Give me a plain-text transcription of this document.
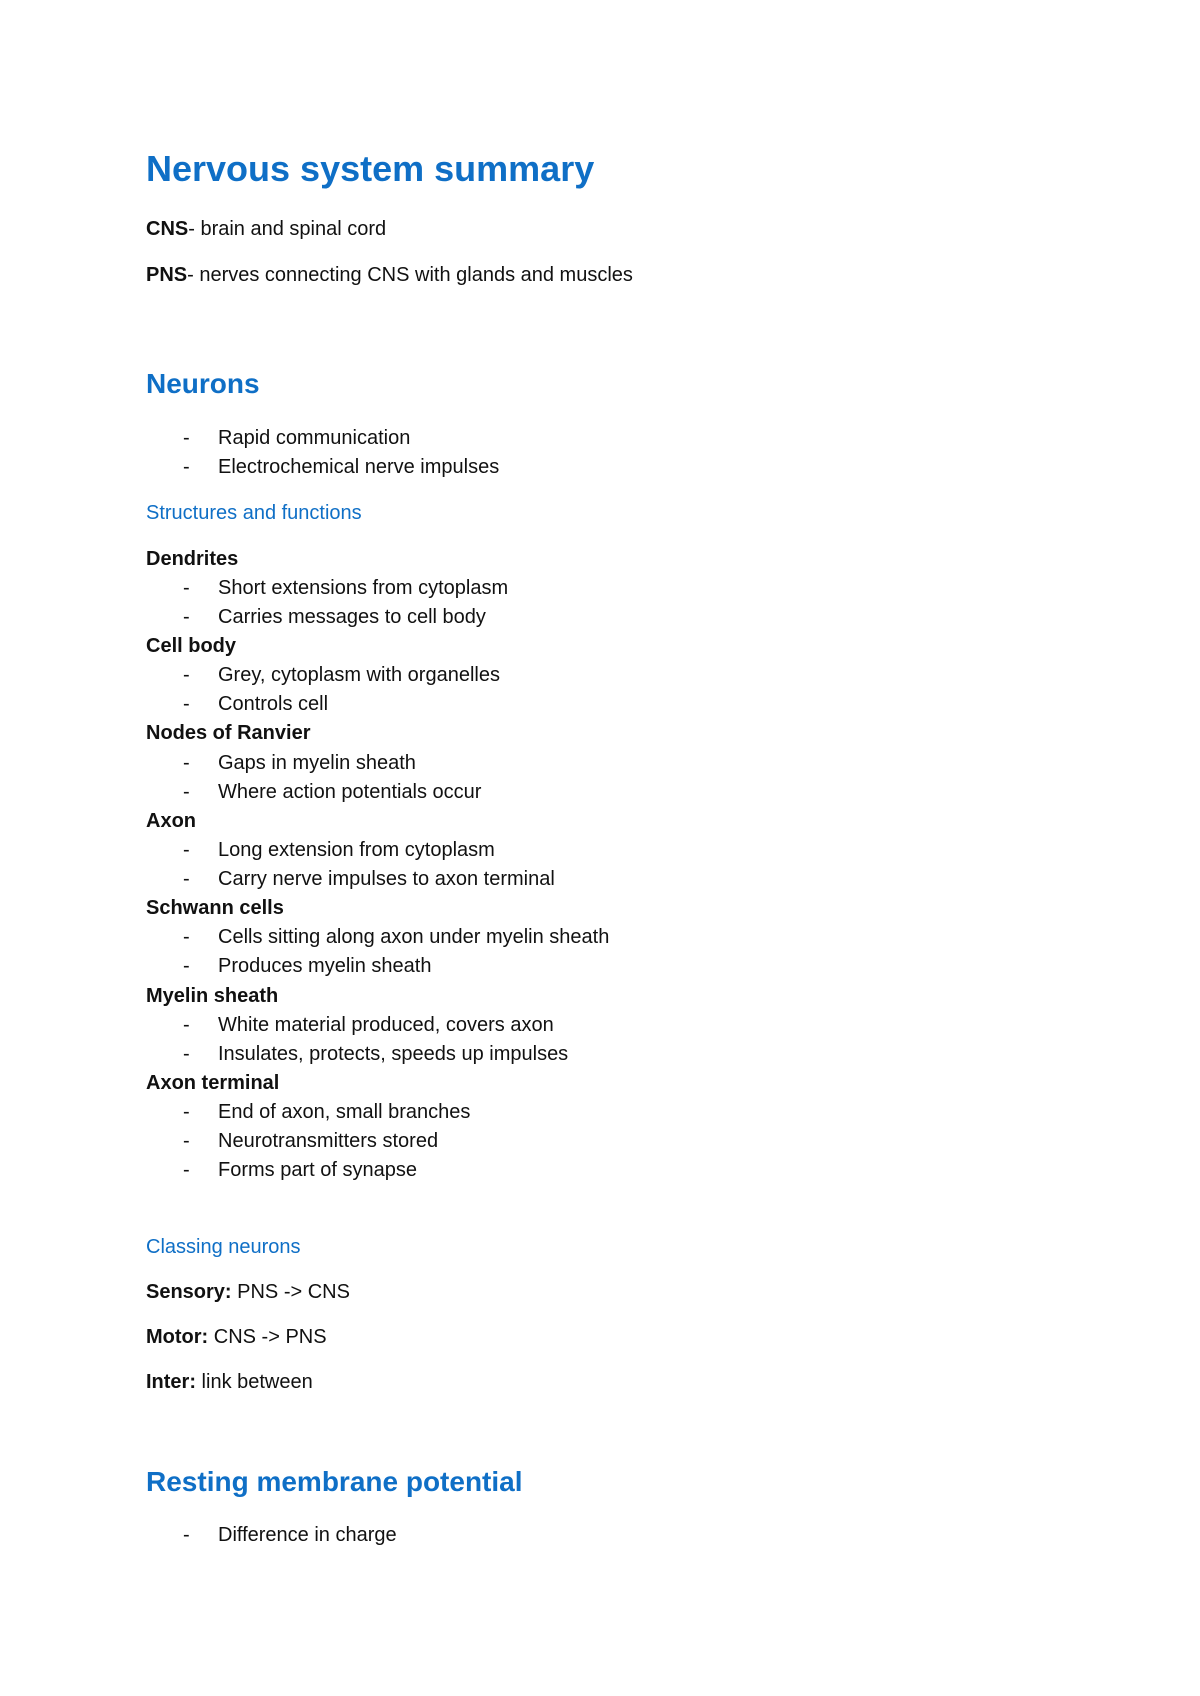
Nervous system summary
CNS- brain and spinal cord
PNS- nerves connecting CNS with glands and muscles
Neurons
- Rapid communication
- Electrochemical nerve impulses
Structures and functions
Dendrites
- Short extensions from cytoplasm
- Carries messages to cell body
Cell body
- Grey, cytoplasm with organelles
- Controls cell
Nodes of Ranvier
- Gaps in myelin sheath
- Where action potentials occur
Axon
- Long extension from cytoplasm
- Carry nerve impulses to axon terminal
Schwann cells
- Cells sitting along axon under myelin sheath
- Produces myelin sheath
Myelin sheath
- White material produced, covers axon
- Insulates, protects, speeds up impulses
Axon terminal
- End of axon, small branches
- Neurotransmitters stored
- Forms part of synapse
Classing neurons
Sensory: PNS -> CNS
Motor: CNS -> PNS
Inter: link between
Resting membrane potential
- Difference in charge
